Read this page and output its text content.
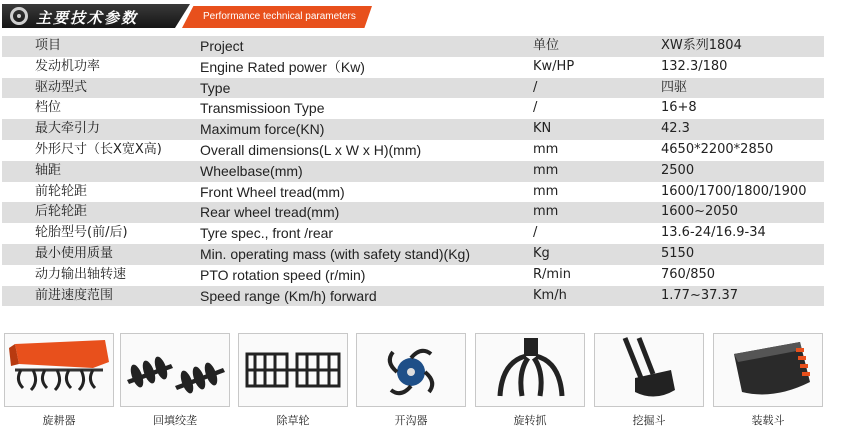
主要技术参数	Performance technical parameters
项目	Project	单位	XW系列1804
发动机功率	Engine Rated power（Kw)	Kw/HP	132.3/180
驱动型式	Type	/	四驱
档位	Transmissioon Type	/	16+8
最大牵引力	Maximum force(KN)	KN	42.3
外形尺寸（长X宽X高)	Overall dimensions(L x W x H)(mm)	mm	4650*2200*2850
轴距	Wheelbase(mm)	mm	2500
前轮轮距	Front Wheel tread(mm)	mm	1600/1700/1800/1900
后轮轮距	Rear wheel tread(mm)	mm	1600~2050
轮胎型号(前/后)	Tyre spec., front /rear	/	13.6-24/16.9-34
最小使用质量	Min. operating mass (with safety stand)(Kg)	Kg	5150
动力输出轴转速	PTO rotation speed (r/min)	R/min	760/850
前进速度范围	Speed range (Km/h) forward	Km/h	1.77~37.37
旋耕器	回填绞垄	除草轮	开沟器	旋转抓	挖掘斗	装载斗
